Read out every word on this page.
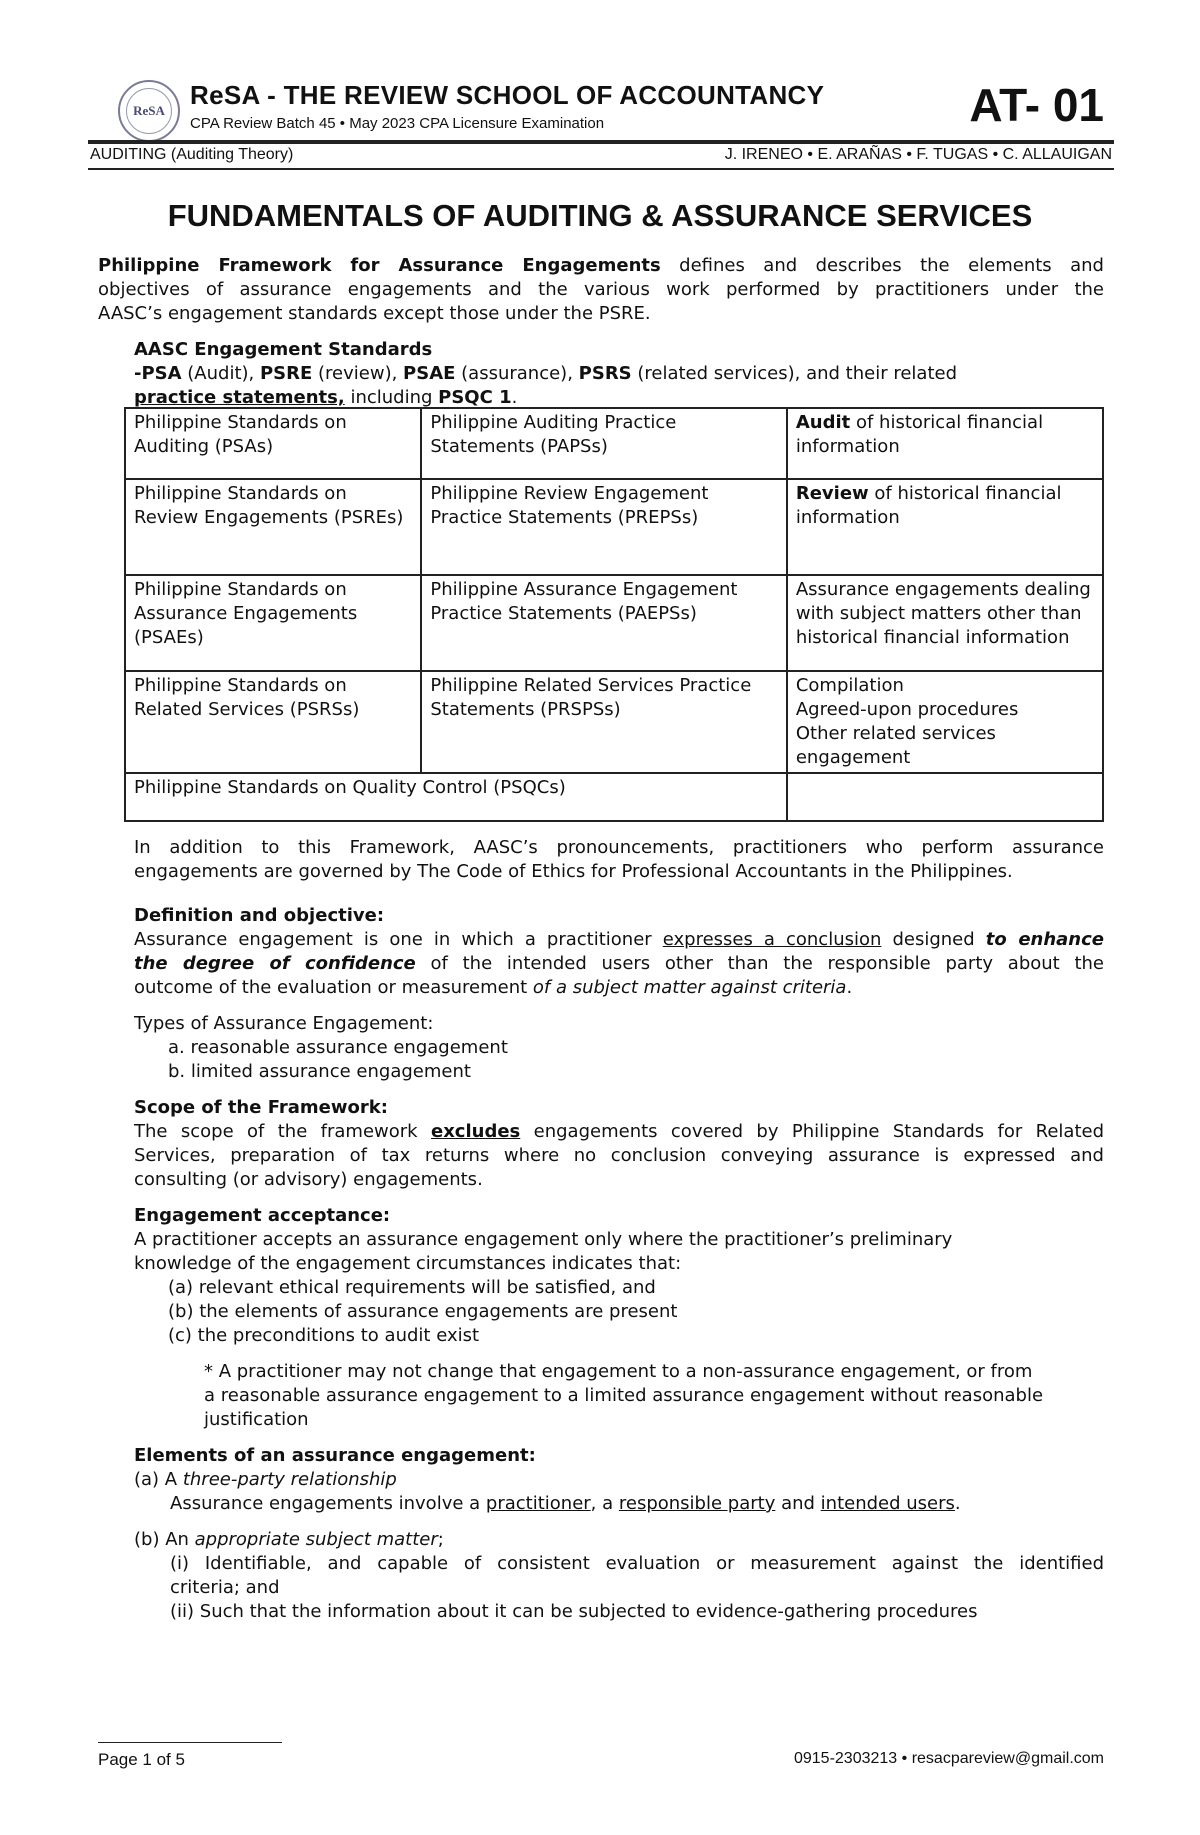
ReSA
ReSA - THE REVIEW SCHOOL OF ACCOUNTANCY
CPA Review Batch 45 • May 2023 CPA Licensure Examination	AT- 01
AUDITING (Auditing Theory)	J. IRENEO • E. ARAÑAS • F. TUGAS • C. ALLAUIGAN
FUNDAMENTALS OF AUDITING & ASSURANCE SERVICES
Philippine Framework for Assurance Engagements defines and describes the elements and
objectives of assurance engagements and the various work performed by practitioners under the
AASC’s engagement standards except those under the PSRE.
AASC Engagement Standards
-PSA (Audit), PSRE (review), PSAE (assurance), PSRS (related services), and their related
practice statements, including PSQC 1.
Philippine Standards on Auditing (PSAs)	Philippine Auditing Practice Statements (PAPSs)	Audit of historical financial information
Philippine Standards on Review Engagements (PSREs)	Philippine Review Engagement Practice Statements (PREPSs)	Review of historical financial information
Philippine Standards on Assurance Engagements (PSAEs)	Philippine Assurance Engagement Practice Statements (PAEPSs)	Assurance engagements dealing with subject matters other than historical financial information
Philippine Standards on Related Services (PSRSs)	Philippine Related Services Practice Statements (PRSPSs)	Compilation
Agreed-upon procedures
Other related services engagement

Philippine Standards on Quality Control (PSQCs)		
In addition to this Framework, AASC’s pronouncements, practitioners who perform assurance
engagements are governed by The Code of Ethics for Professional Accountants in the Philippines.
Definition and objective:
Assurance engagement is one in which a practitioner expresses a conclusion designed to enhance
the degree of confidence of the intended users other than the responsible party about the
outcome of the evaluation or measurement of a subject matter against criteria.
Types of Assurance Engagement:
a. reasonable assurance engagement
b. limited assurance engagement
Scope of the Framework:
The scope of the framework excludes engagements covered by Philippine Standards for Related
Services, preparation of tax returns where no conclusion conveying assurance is expressed and
consulting (or advisory) engagements.
Engagement acceptance:
A practitioner accepts an assurance engagement only where the practitioner’s preliminary
knowledge of the engagement circumstances indicates that:
(a) relevant ethical requirements will be satisfied, and
(b) the elements of assurance engagements are present
(c) the preconditions to audit exist
* A practitioner may not change that engagement to a non-assurance engagement, or from
a reasonable assurance engagement to a limited assurance engagement without reasonable
justification
Elements of an assurance engagement:
(a) A three-party relationship
Assurance engagements involve a practitioner, a responsible party and intended users.
(b) An appropriate subject matter;
(i) Identifiable, and capable of consistent evaluation or measurement against the identified
criteria; and
(ii) Such that the information about it can be subjected to evidence-gathering procedures
Page 1 of 5	0915-2303213 • resacpareview@gmail.com
